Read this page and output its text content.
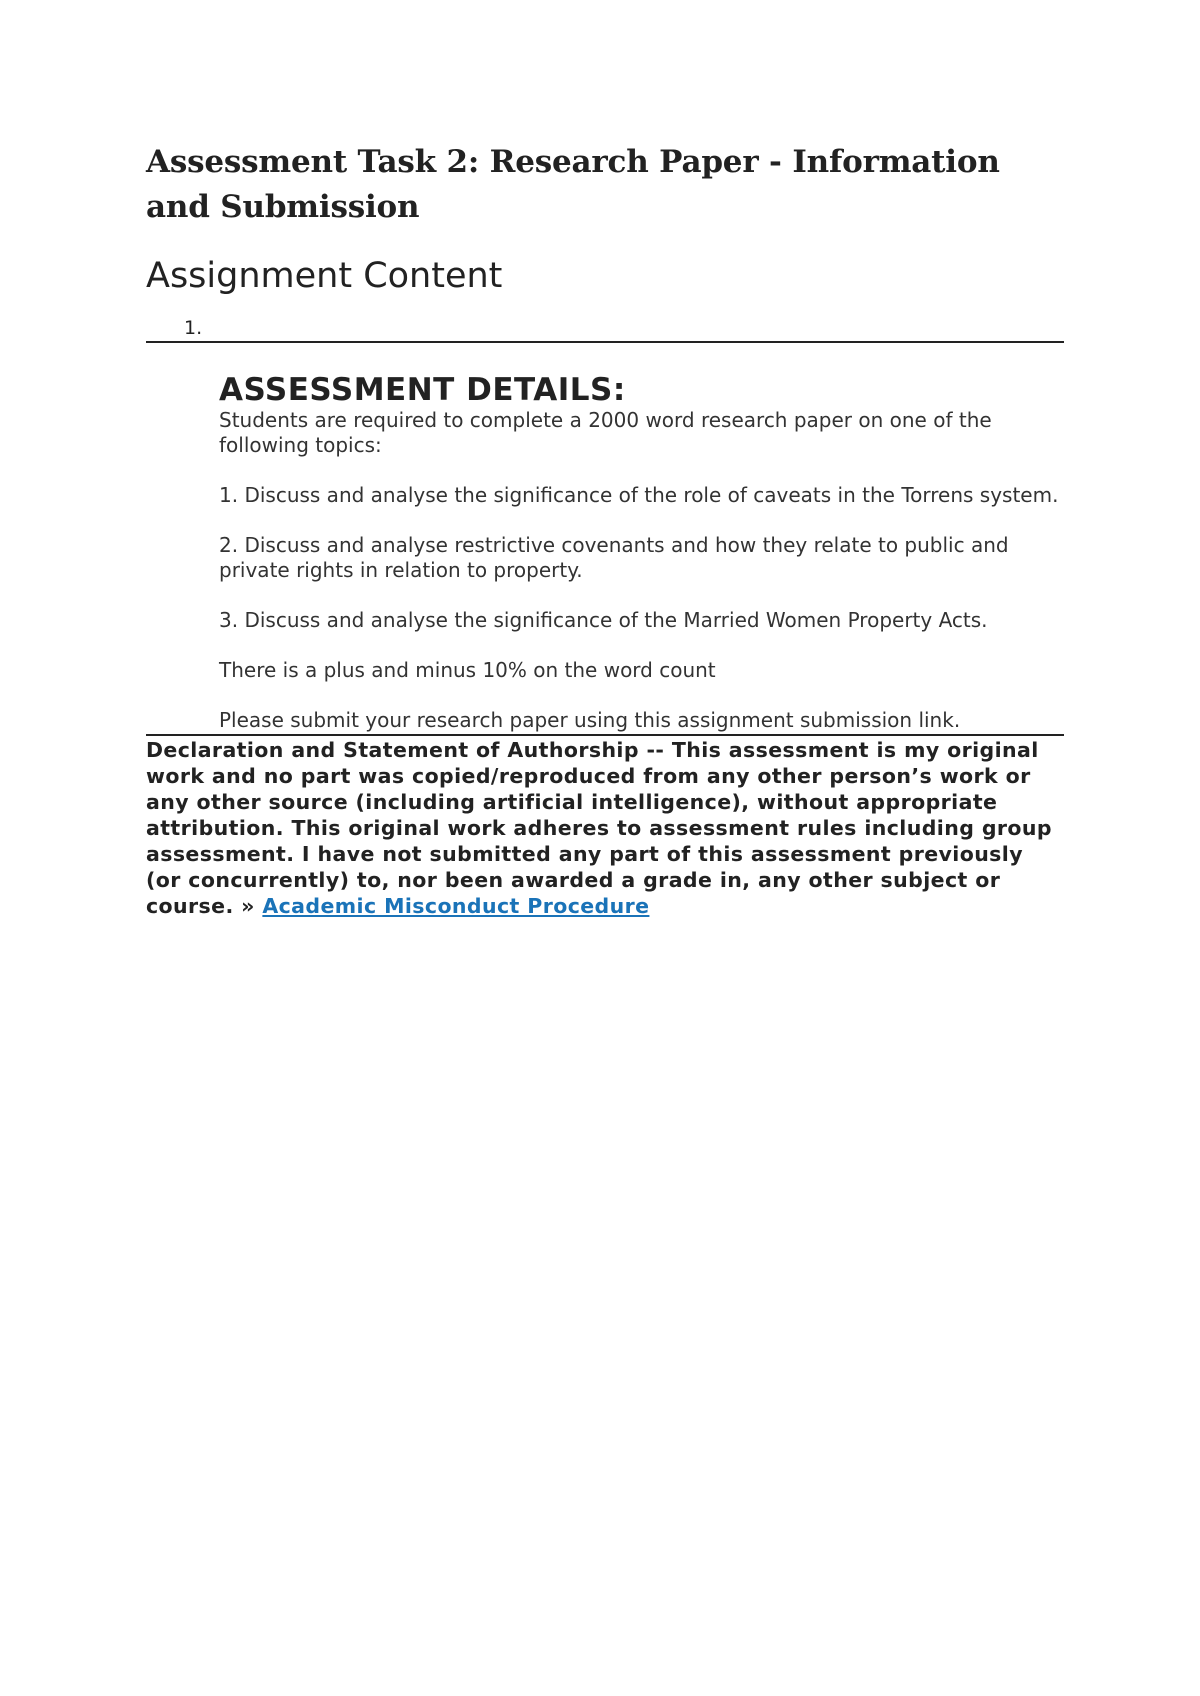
Assessment Task 2: Research Paper - Information and Submission
Assignment Content
1.
ASSESSMENT DETAILS:

Students are required to complete a 2000 word research paper on one of the following topics:

1. Discuss and analyse the significance of the role of caveats in the Torrens system.

2. Discuss and analyse restrictive covenants and how they relate to public and private rights in relation to property.

3. Discuss and analyse the significance of the Married Women Property Acts.

There is a plus and minus 10% on the word count

Please submit your research paper using this assignment submission link.

Declaration and Statement of Authorship -- This assessment is my original work and no part was copied/reproduced from any other person’s work or any other source (including artificial intelligence), without appropriate attribution. This original work adheres to assessment rules including group assessment. I have not submitted any part of this assessment previously (or concurrently) to, nor been awarded a grade in, any other subject or course. » Academic Misconduct Procedure
